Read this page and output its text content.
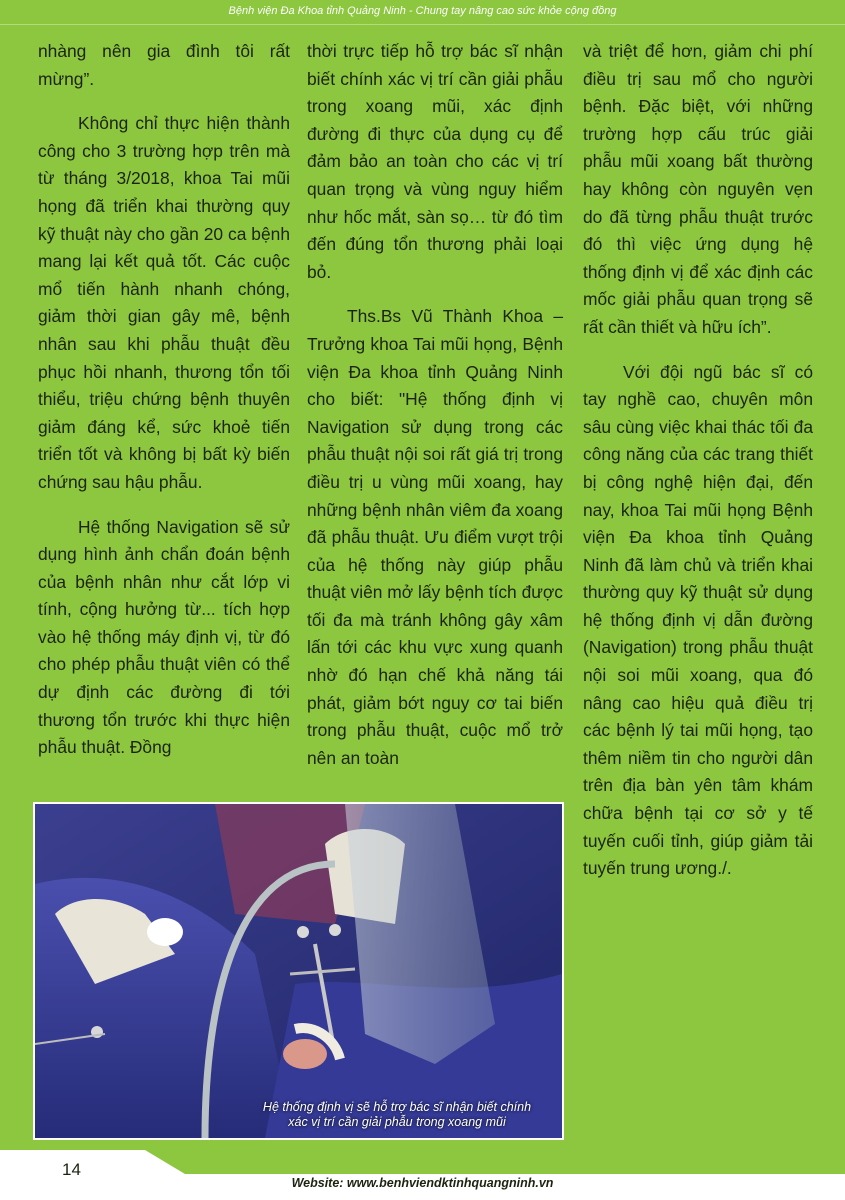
Bệnh viện Đa Khoa tỉnh Quảng Ninh - Chung tay nâng cao sức khỏe cộng đồng

nhàng nên gia đình tôi rất mừng”.

Không chỉ thực hiện thành công cho 3 trường hợp trên mà từ tháng 3/2018, khoa Tai mũi họng đã triển khai thường quy kỹ thuật này cho gần 20 ca bệnh mang lại kết quả tốt. Các cuộc mổ tiến hành nhanh chóng, giảm thời gian gây mê, bệnh nhân sau khi phẫu thuật đều phục hồi nhanh, thương tổn tối thiểu, triệu chứng bệnh thuyên giảm đáng kể, sức khoẻ tiến triển tốt và không bị bất kỳ biến chứng sau hậu phẫu.

Hệ thống Navigation sẽ sử dụng hình ảnh chẩn đoán bệnh của bệnh nhân như cắt lớp vi tính, cộng hưởng từ... tích hợp vào hệ thống máy định vị, từ đó cho phép phẫu thuật viên có thể dự định các đường đi tới thương tổn trước khi thực hiện phẫu thuật. Đồng

thời trực tiếp hỗ trợ bác sĩ nhận biết chính xác vị trí cần giải phẫu trong xoang mũi, xác định đường đi thực của dụng cụ để đảm bảo an toàn cho các vị trí quan trọng và vùng nguy hiểm như hốc mắt, sàn sọ… từ đó tìm đến đúng tổn thương phải loại bỏ.

Ths.Bs Vũ Thành Khoa – Trưởng khoa Tai mũi họng, Bệnh viện Đa khoa tỉnh Quảng Ninh cho biết: "Hệ thống định vị Navigation sử dụng trong các phẫu thuật nội soi rất giá trị trong điều trị u vùng mũi xoang, hay những bệnh nhân viêm đa xoang đã phẫu thuật. Ưu điểm vượt trội của hệ thống này giúp phẫu thuật viên mở lấy bệnh tích được tối đa mà tránh không gây xâm lấn tới các khu vực xung quanh nhờ đó hạn chế khả năng tái phát, giảm bớt nguy cơ tai biến trong phẫu thuật, cuộc mổ trở nên an toàn

và triệt để hơn, giảm chi phí điều trị sau mổ cho người bệnh. Đặc biệt, với những trường hợp cấu trúc giải phẫu mũi xoang bất thường hay không còn nguyên vẹn do đã từng phẫu thuật trước đó thì việc ứng dụng hệ thống định vị để xác định các mốc giải phẫu quan trọng sẽ rất cần thiết và hữu ích”.

Với đội ngũ bác sĩ có tay nghề cao, chuyên môn sâu cùng việc khai thác tối đa công năng của các trang thiết bị công nghệ hiện đại, đến nay, khoa Tai mũi họng Bệnh viện Đa khoa tỉnh Quảng Ninh đã làm chủ và triển khai thường quy kỹ thuật sử dụng hệ thống định vị dẫn đường (Navigation) trong phẫu thuật nội soi mũi xoang, qua đó nâng cao hiệu quả điều trị các bệnh lý tai mũi họng, tạo thêm niềm tin cho người dân trên địa bàn yên tâm khám chữa bệnh tại cơ sở y tế tuyến cuối tỉnh, giúp giảm tải tuyến trung ương./.

Hệ thống định vị sẽ hỗ trợ bác sĩ nhận biết chính
xác vị trí cần giải phẫu trong xoang mũi
14
Website: www.benhviendktinhquangninh.vn
